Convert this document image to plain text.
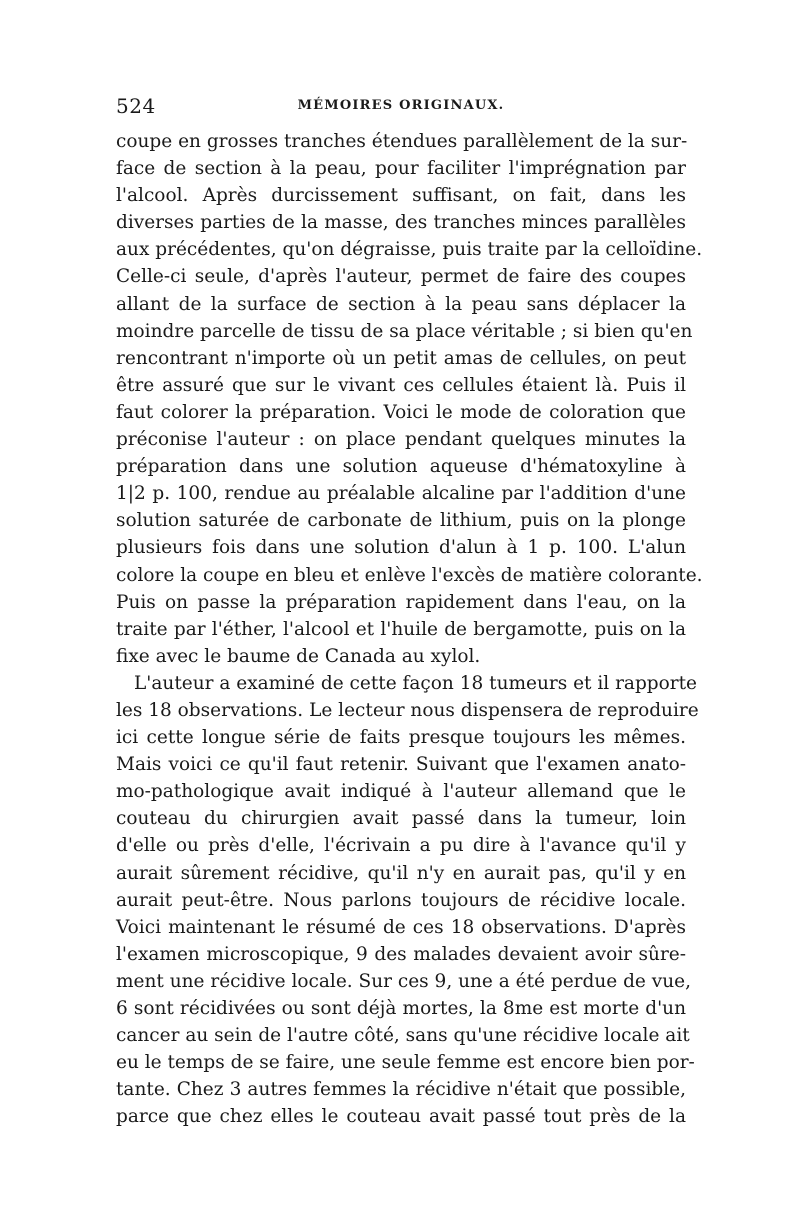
524	MÉMOIRES ORIGINAUX.
coupe en grosses tranches étendues parallèlement de la sur-
face de section à la peau, pour faciliter l'imprégnation par
l'alcool. Après durcissement suffisant, on fait, dans les
diverses parties de la masse, des tranches minces parallèles
aux précédentes, qu'on dégraisse, puis traite par la celloïdine.
Celle-ci seule, d'après l'auteur, permet de faire des coupes
allant de la surface de section à la peau sans déplacer la
moindre parcelle de tissu de sa place véritable ; si bien qu'en
rencontrant n'importe où un petit amas de cellules, on peut
être assuré que sur le vivant ces cellules étaient là. Puis il
faut colorer la préparation. Voici le mode de coloration que
préconise l'auteur : on place pendant quelques minutes la
préparation dans une solution aqueuse d'hématoxyline à
1|2 p. 100, rendue au préalable alcaline par l'addition d'une
solution saturée de carbonate de lithium, puis on la plonge
plusieurs fois dans une solution d'alun à 1 p. 100. L'alun
colore la coupe en bleu et enlève l'excès de matière colorante.
Puis on passe la préparation rapidement dans l'eau, on la
traite par l'éther, l'alcool et l'huile de bergamotte, puis on la
fixe avec le baume de Canada au xylol.
L'auteur a examiné de cette façon 18 tumeurs et il rapporte
les 18 observations. Le lecteur nous dispensera de reproduire
ici cette longue série de faits presque toujours les mêmes.
Mais voici ce qu'il faut retenir. Suivant que l'examen anato-
mo-pathologique avait indiqué à l'auteur allemand que le
couteau du chirurgien avait passé dans la tumeur, loin
d'elle ou près d'elle, l'écrivain a pu dire à l'avance qu'il y
aurait sûrement récidive, qu'il n'y en aurait pas, qu'il y en
aurait peut-être. Nous parlons toujours de récidive locale.
Voici maintenant le résumé de ces 18 observations. D'après
l'examen microscopique, 9 des malades devaient avoir sûre-
ment une récidive locale. Sur ces 9, une a été perdue de vue,
6 sont récidivées ou sont déjà mortes, la 8me est morte d'un
cancer au sein de l'autre côté, sans qu'une récidive locale ait
eu le temps de se faire, une seule femme est encore bien por-
tante. Chez 3 autres femmes la récidive n'était que possible,
parce que chez elles le couteau avait passé tout près de la
